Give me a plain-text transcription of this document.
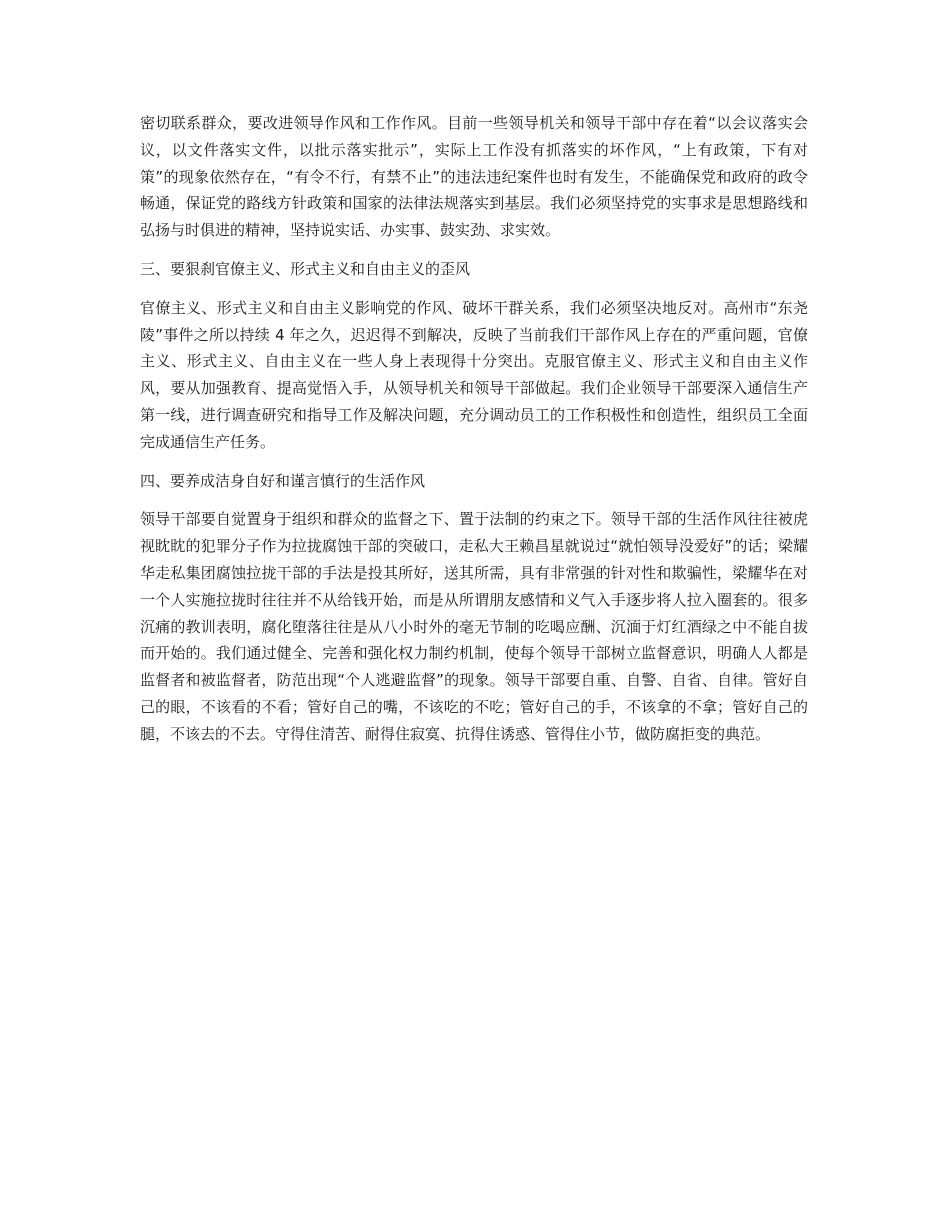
密切联系群众，要改进领导作风和工作作风。目前一些领导机关和领导干部中存在着“以会议落实会议，以文件落实文件，以批示落实批示”，实际上工作没有抓落实的坏作风，“上有政策，下有对策”的现象依然存在，“有令不行，有禁不止”的违法违纪案件也时有发生，不能确保党和政府的政令畅通，保证党的路线方针政策和国家的法律法规落实到基层。我们必须坚持党的实事求是思想路线和弘扬与时俱进的精神，坚持说实话、办实事、鼓实劲、求实效。

三、要狠刹官僚主义、形式主义和自由主义的歪风

官僚主义、形式主义和自由主义影响党的作风、破坏干群关系，我们必须坚决地反对。高州市“东尧陵”事件之所以持续 4 年之久，迟迟得不到解决，反映了当前我们干部作风上存在的严重问题，官僚主义、形式主义、自由主义在一些人身上表现得十分突出。克服官僚主义、形式主义和自由主义作风，要从加强教育、提高觉悟入手，从领导机关和领导干部做起。我们企业领导干部要深入通信生产第一线，进行调查研究和指导工作及解决问题，充分调动员工的工作积极性和创造性，组织员工全面完成通信生产任务。

四、要养成洁身自好和谨言慎行的生活作风

领导干部要自觉置身于组织和群众的监督之下、置于法制的约束之下。领导干部的生活作风往往被虎视眈眈的犯罪分子作为拉拢腐蚀干部的突破口，走私大王赖昌星就说过“就怕领导没爱好”的话；梁耀华走私集团腐蚀拉拢干部的手法是投其所好，送其所需，具有非常强的针对性和欺骗性，梁耀华在对一个人实施拉拢时往往并不从给钱开始，而是从所谓朋友感情和义气入手逐步将人拉入圈套的。很多沉痛的教训表明，腐化堕落往往是从八小时外的毫无节制的吃喝应酬、沉湎于灯红酒绿之中不能自拔而开始的。我们通过健全、完善和强化权力制约机制，使每个领导干部树立监督意识，明确人人都是监督者和被监督者，防范出现“个人逃避监督”的现象。领导干部要自重、自警、自省、自律。管好自己的眼，不该看的不看；管好自己的嘴，不该吃的不吃；管好自己的手，不该拿的不拿；管好自己的腿，不该去的不去。守得住清苦、耐得住寂寞、抗得住诱惑、管得住小节，做防腐拒变的典范。
